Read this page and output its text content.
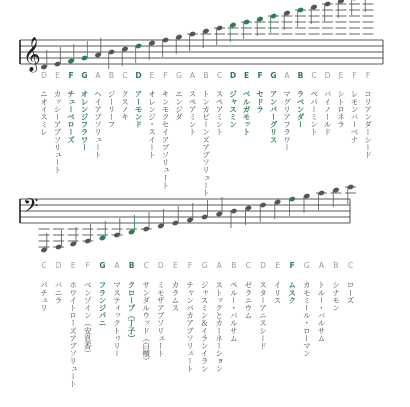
𝄞
D E F G A B C D E F G A B C D E F G A B C D E F F
ニオイスミレ カッシーアブソリュート チューベローズ オレンジフラワー ヘイアブソリュート ジーリーフ クスノキ アーモンド オレンジ・スイート キンモクセイアブソリュート エンジダ スペアミント トンカビーンズアブソリュート スペアミント ジャスミン ベルガモット セドラ アンバーグリス マグリアフラワー ラベンダー ペパーミント バイノールド シトロネラ レモンバーベナ コリアンダーシード
𝄢
C D E F G A B C D E F G A B C D E F G A B C
パチュリ バニラ ホワイトローズアブソリュート ベンゾイン（安息香） フランジパニ マスティックトゥリー クローブ（丁子） サンダルウッド（白檀） ミモザアブソリュート カラムス チャンパカアブソリュート ジャスミン＆イランイラン ストックとカーネーション ペルー・バルサム ゼラニウム スターアニスシード イリス ムスク カモミール・ローマン トルー・バルサム シナモン ローズ
